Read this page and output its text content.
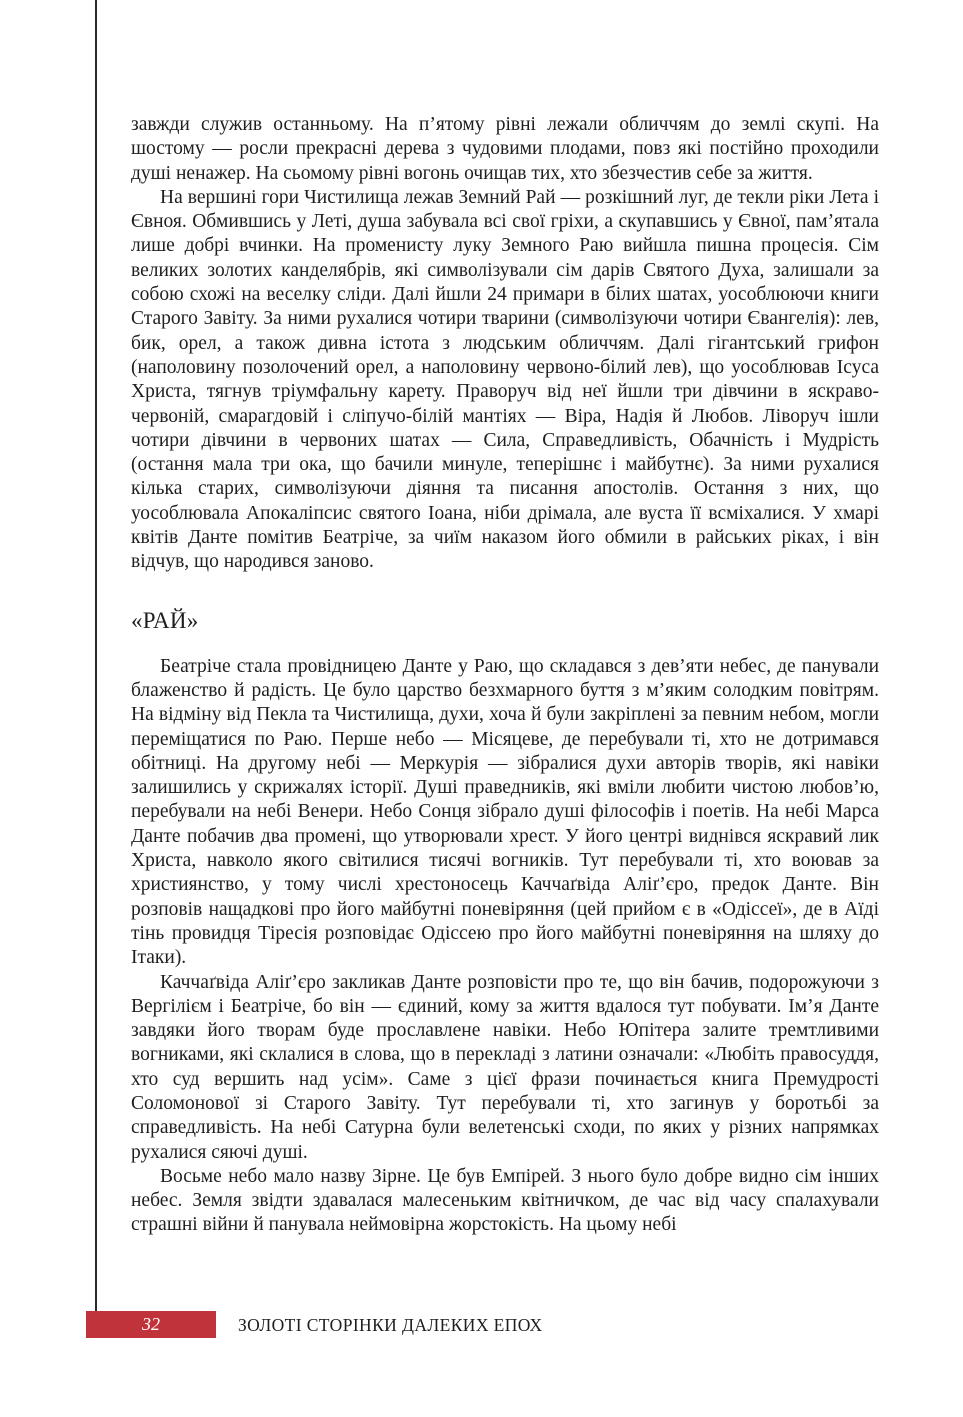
завжди служив останньому. На п’ятому рівні лежали обличчям до землі скупі. На шостому — росли прекрасні дерева з чудовими плодами, повз які постійно проходили душі ненажер. На сьомому рівні вогонь очищав тих, хто збезчестив себе за життя.

На вершині гори Чистилища лежав Земний Рай — розкішний луг, де текли ріки Лета і Євноя. Обмившись у Леті, душа забувала всі свої гріхи, а скупавшись у Євної, пам’ятала лише добрі вчинки. На променисту луку Земного Раю вийшла пишна процесія. Сім великих золотих канделябрів, які символізували сім дарів Святого Духа, залишали за собою схожі на веселку сліди. Далі йшли 24 примари в білих шатах, уособлюючи книги Старого Завіту. За ними рухалися чотири тварини (символізуючи чотири Євангелія): лев, бик, орел, а також дивна істота з людським обличчям. Далі гігантський грифон (наполовину позолочений орел, а наполовину червоно-білий лев), що уособлював Ісуса Христа, тягнув тріумфальну карету. Праворуч від неї йшли три дівчини в яскраво-червоній, смарагдовій і сліпучо-білій мантіях — Віра, Надія й Любов. Ліворуч ішли чотири дівчини в червоних шатах — Сила, Справедливість, Обачність і Мудрість (остання мала три ока, що бачили минуле, теперішнє і майбутнє). За ними рухалися кілька старих, символізуючи діяння та писання апостолів. Остання з них, що уособлювала Апокаліпсис святого Іоана, ніби дрімала, але вуста її всміхалися. У хмарі квітів Данте помітив Беатріче, за чиїм наказом його обмили в райських ріках, і він відчув, що народився заново.

«РАЙ»

Беатріче стала провідницею Данте у Раю, що складався з дев’яти небес, де панували блаженство й радість. Це було царство безхмарного буття з м’яким солодким повітрям. На відміну від Пекла та Чистилища, духи, хоча й були закріплені за певним небом, могли переміщатися по Раю. Перше небо — Місяцеве, де перебували ті, хто не дотримався обітниці. На другому небі — Меркурія — зібралися духи авторів творів, які навіки залишились у скрижалях історії. Душі праведників, які вміли любити чистою любов’ю, перебували на небі Венери. Небо Сонця зібрало душі філософів і поетів. На небі Марса Данте побачив два промені, що утворювали хрест. У його центрі виднівся яскравий лик Христа, навколо якого світилися тисячі вогників. Тут перебували ті, хто воював за християнство, у тому числі хрестоносець Каччаґвіда Аліґ’єро, предок Данте. Він розповів нащадкові про його майбутні поневіряння (цей прийом є в «Одіссеї», де в Аїді тінь провидця Тіресія розповідає Одіссею про його майбутні поневіряння на шляху до Ітаки).

Каччаґвіда Аліґ’єро закликав Данте розповісти про те, що він бачив, подорожуючи з Вергілієм і Беатріче, бо він — єдиний, кому за життя вдалося тут побувати. Ім’я Данте завдяки його творам буде прославлене навіки. Небо Юпітера залите тремтливими вогниками, які склалися в слова, що в перекладі з латини означали: «Любіть правосуддя, хто суд вершить над усім». Саме з цієї фрази починається книга Премудрості Соломонової зі Старого Завіту. Тут перебували ті, хто загинув у боротьбі за справедливість. На небі Сатурна були велетенські сходи, по яких у різних напрямках рухалися сяючі душі.

Восьме небо мало назву Зірне. Це був Емпірей. З нього було добре видно сім інших небес. Земля звідти здавалася малесеньким квітничком, де час від часу спалахували страшні війни й панувала неймовірна жорстокість. На цьому небі

32	ЗОЛОТІ СТОРІНКИ ДАЛЕКИХ ЕПОХ
